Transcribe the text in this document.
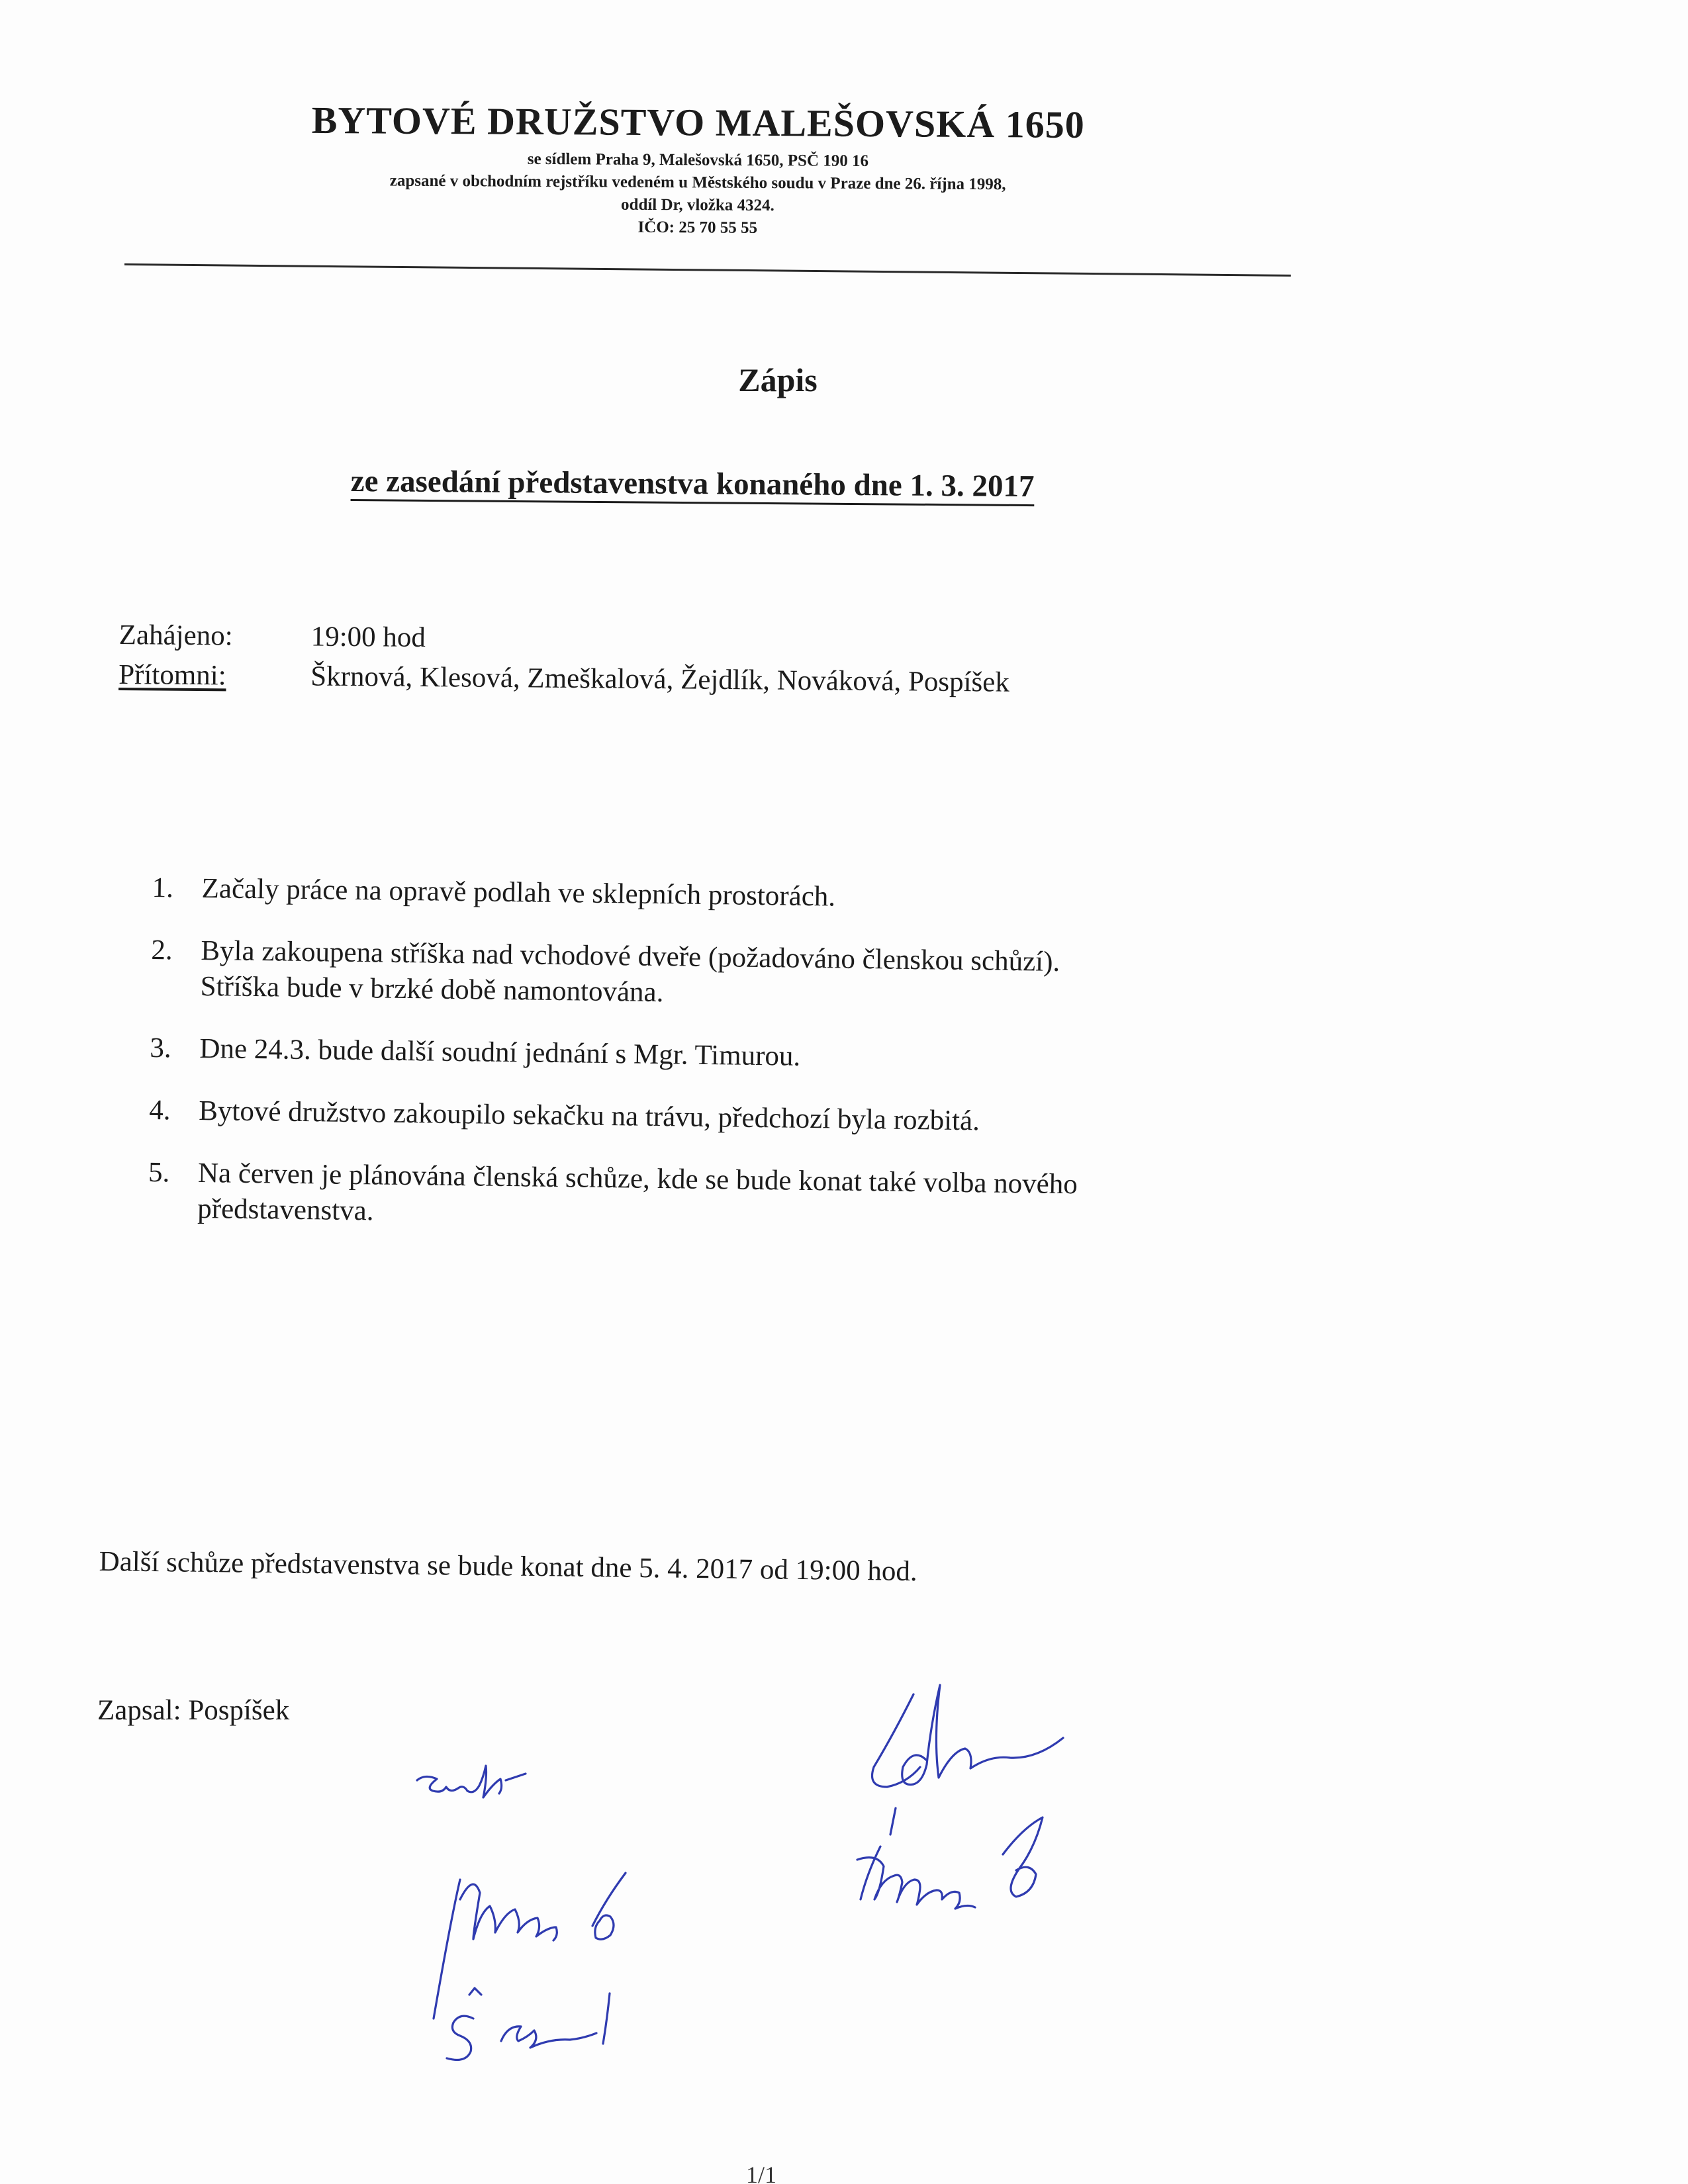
BYTOVÉ DRUŽSTVO MALEŠOVSKÁ 1650

se sídlem Praha 9, Malešovská 1650, PSČ 190 16

zapsané v obchodním rejstříku vedeném u Městského soudu v Praze dne 26. října 1998,

oddíl Dr, vložka 4324.

IČO: 25 70 55 55

Zápis
ze zasedání představenstva konaného dne 1. 3. 2017
Zahájeno:	19:00 hod
Přítomni:	Škrnová, Klesová, Zmeškalová, Žejdlík, Nováková, Pospíšek
1. Začaly práce na opravě podlah ve sklepních prostorách.
2. Byla zakoupena stříška nad vchodové dveře (požadováno členskou schůzí).
Stříška bude v brzké době namontována.
3. Dne 24.3. bude další soudní jednání s Mgr. Timurou.
4. Bytové družstvo zakoupilo sekačku na trávu, předchozí byla rozbitá.
5. Na červen je plánována členská schůze, kde se bude konat také volba nového
představenstva.

Další schůze představenstva se bude konat dne 5. 4. 2017 od 19:00 hod.

Zapsal: Pospíšek

1/1
